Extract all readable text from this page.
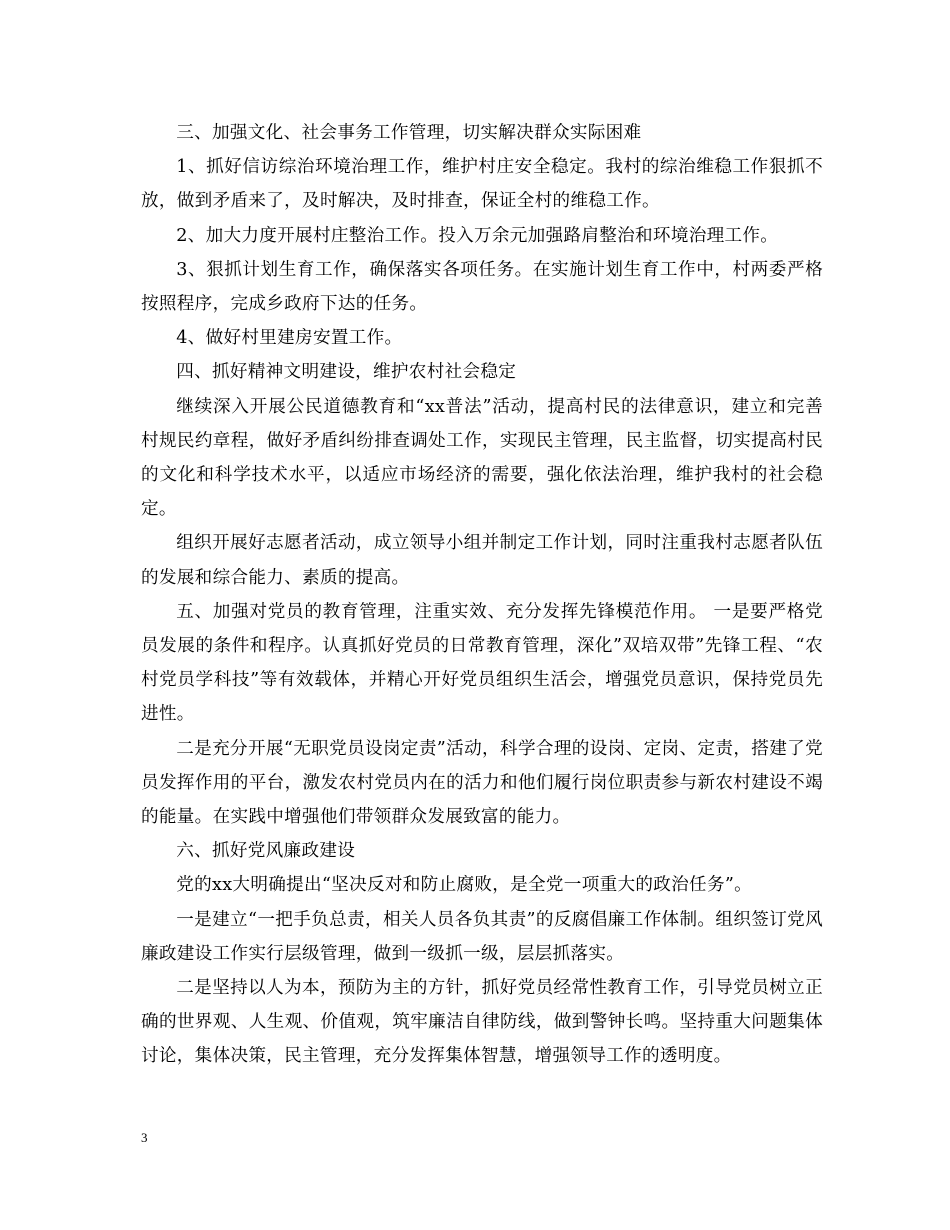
三、加强文化、社会事务工作管理，切实解决群众实际困难

1、抓好信访综治环境治理工作，维护村庄安全稳定。我村的综治维稳工作狠抓不放，做到矛盾来了，及时解决，及时排查，保证全村的维稳工作。

2、加大力度开展村庄整治工作。投入万余元加强路肩整治和环境治理工作。

3、狠抓计划生育工作，确保落实各项任务。在实施计划生育工作中，村两委严格按照程序，完成乡政府下达的任务。

4、做好村里建房安置工作。

四、抓好精神文明建设，维护农村社会稳定

继续深入开展公民道德教育和“xx普法”活动，提高村民的法律意识，建立和完善村规民约章程，做好矛盾纠纷排查调处工作，实现民主管理，民主监督，切实提高村民的文化和科学技术水平，以适应市场经济的需要，强化依法治理，维护我村的社会稳定。

组织开展好志愿者活动，成立领导小组并制定工作计划，同时注重我村志愿者队伍的发展和综合能力、素质的提高。

五、加强对党员的教育管理，注重实效、充分发挥先锋模范作用。 一是要严格党员发展的条件和程序。认真抓好党员的日常教育管理，深化”双培双带”先锋工程、“农村党员学科技”等有效载体，并精心开好党员组织生活会，增强党员意识，保持党员先进性。

二是充分开展“无职党员设岗定责”活动，科学合理的设岗、定岗、定责，搭建了党员发挥作用的平台，激发农村党员内在的活力和他们履行岗位职责参与新农村建设不竭的能量。在实践中增强他们带领群众发展致富的能力。

六、抓好党风廉政建设

党的xx大明确提出“坚决反对和防止腐败，是全党一项重大的政治任务”。

一是建立“一把手负总责，相关人员各负其责”的反腐倡廉工作体制。组织签订党风廉政建设工作实行层级管理，做到一级抓一级，层层抓落实。

二是坚持以人为本，预防为主的方针，抓好党员经常性教育工作，引导党员树立正确的世界观、人生观、价值观，筑牢廉洁自律防线，做到警钟长鸣。坚持重大问题集体讨论，集体决策，民主管理，充分发挥集体智慧，增强领导工作的透明度。

3
